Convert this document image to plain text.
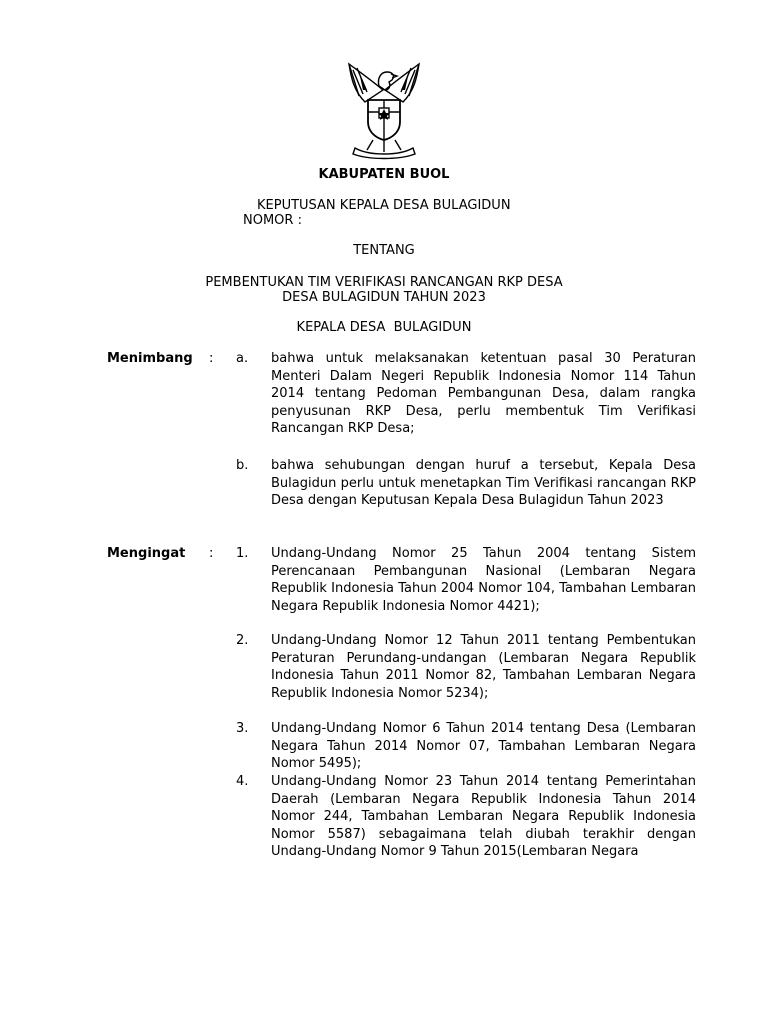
KABUPATEN BUOL
KEPUTUSAN KEPALA DESA BULAGIDUN
NOMOR :
TENTANG
PEMBENTUKAN TIM VERIFIKASI RANCANGAN RKP DESA
DESA BULAGIDUN TAHUN 2023
KEPALA DESA  BULAGIDUN
Menimbang	: a. bahwa untuk melaksanakan ketentuan pasal 30 Peraturan Menteri Dalam Negeri Republik Indonesia Nomor 114 Tahun 2014 tentang Pedoman Pembangunan Desa, dalam rangka penyusunan RKP Desa, perlu membentuk Tim Verifikasi Rancangan RKP Desa;
b. bahwa sehubungan dengan huruf a tersebut, Kepala Desa Bulagidun perlu untuk menetapkan Tim Verifikasi rancangan RKP Desa dengan Keputusan Kepala Desa Bulagidun Tahun 2023
Mengingat	: 1. Undang-Undang Nomor 25 Tahun 2004 tentang Sistem Perencanaan Pembangunan Nasional (Lembaran Negara Republik Indonesia Tahun 2004 Nomor 104, Tambahan Lembaran Negara Republik Indonesia Nomor 4421);
2. Undang-Undang Nomor 12 Tahun 2011 tentang Pembentukan Peraturan Perundang-undangan (Lembaran Negara Republik Indonesia Tahun 2011 Nomor 82, Tambahan Lembaran Negara Republik Indonesia Nomor 5234);
3. Undang-Undang Nomor 6 Tahun 2014 tentang Desa (Lembaran Negara Tahun 2014 Nomor 07, Tambahan Lembaran Negara Nomor 5495);
4. Undang-Undang Nomor 23 Tahun 2014 tentang Pemerintahan Daerah (Lembaran Negara Republik Indonesia Tahun 2014 Nomor 244, Tambahan Lembaran Negara Republik Indonesia Nomor 5587) sebagaimana telah diubah terakhir dengan Undang-Undang Nomor 9 Tahun 2015(Lembaran Negara
